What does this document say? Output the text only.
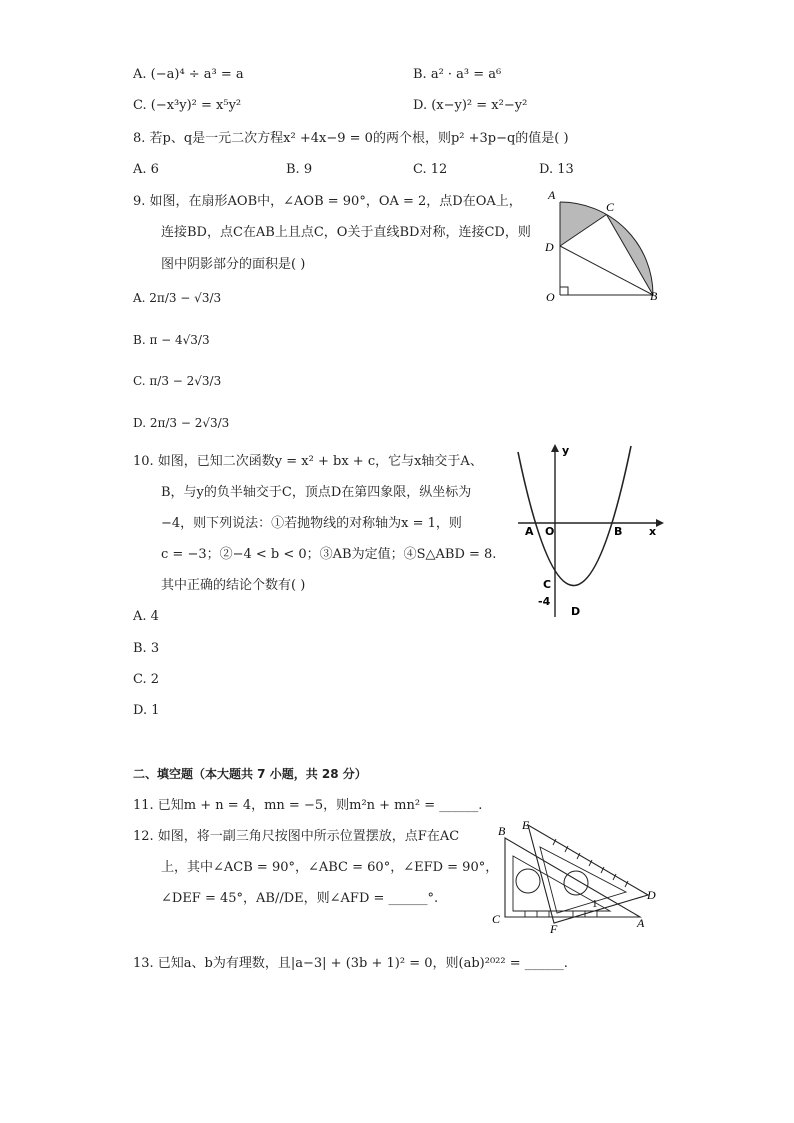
A. (−a)⁴ ÷ a³ = a	B. a² · a³ = a⁶
C. (−x³y)² = x⁵y²	D. (x−y)² = x²−y²
8. 若p、q是一元二次方程x² +4x−9 = 0的两个根，则p² +3p−q的值是( )
A. 6	B. 9	C. 12	D. 13
9. 如图，在扇形AOB中，∠AOB = 90°，OA = 2，点D在OA上，
连接BD，点C在AB上且点C，O关于直线BD对称，连接CD，则
图中阴影部分的面积是( )
A. 2π/3 − √3/3
B. π − 4√3/3
C. π/3 − 2√3/3
D. 2π/3 − 2√3/3
A
C
D
O	B
10. 如图，已知二次函数y = x² + bx + c，它与x轴交于A、
B，与y的负半轴交于C，顶点D在第四象限，纵坐标为
−4，则下列说法：①若抛物线的对称轴为x = 1，则
c = −3；②−4 < b < 0；③AB为定值；④S△ABD = 8.
其中正确的结论个数有( )
A. 4
B. 3
C. 2
D. 1
y
x
A O	B
C
-4
D
二、填空题（本大题共 7 小题，共 28 分）
11. 已知m + n = 4，mn = −5，则m²n + mn² = ______.
12. 如图，将一副三角尺按图中所示位置摆放，点F在AC
上，其中∠ACB = 90°，∠ABC = 60°，∠EFD = 90°，
∠DEF = 45°，AB//DE，则∠AFD = ______°.
B E
D
C
F	A
1
13. 已知a、b为有理数，且|a−3| + (3b + 1)² = 0，则(ab)²⁰²² = ______.
